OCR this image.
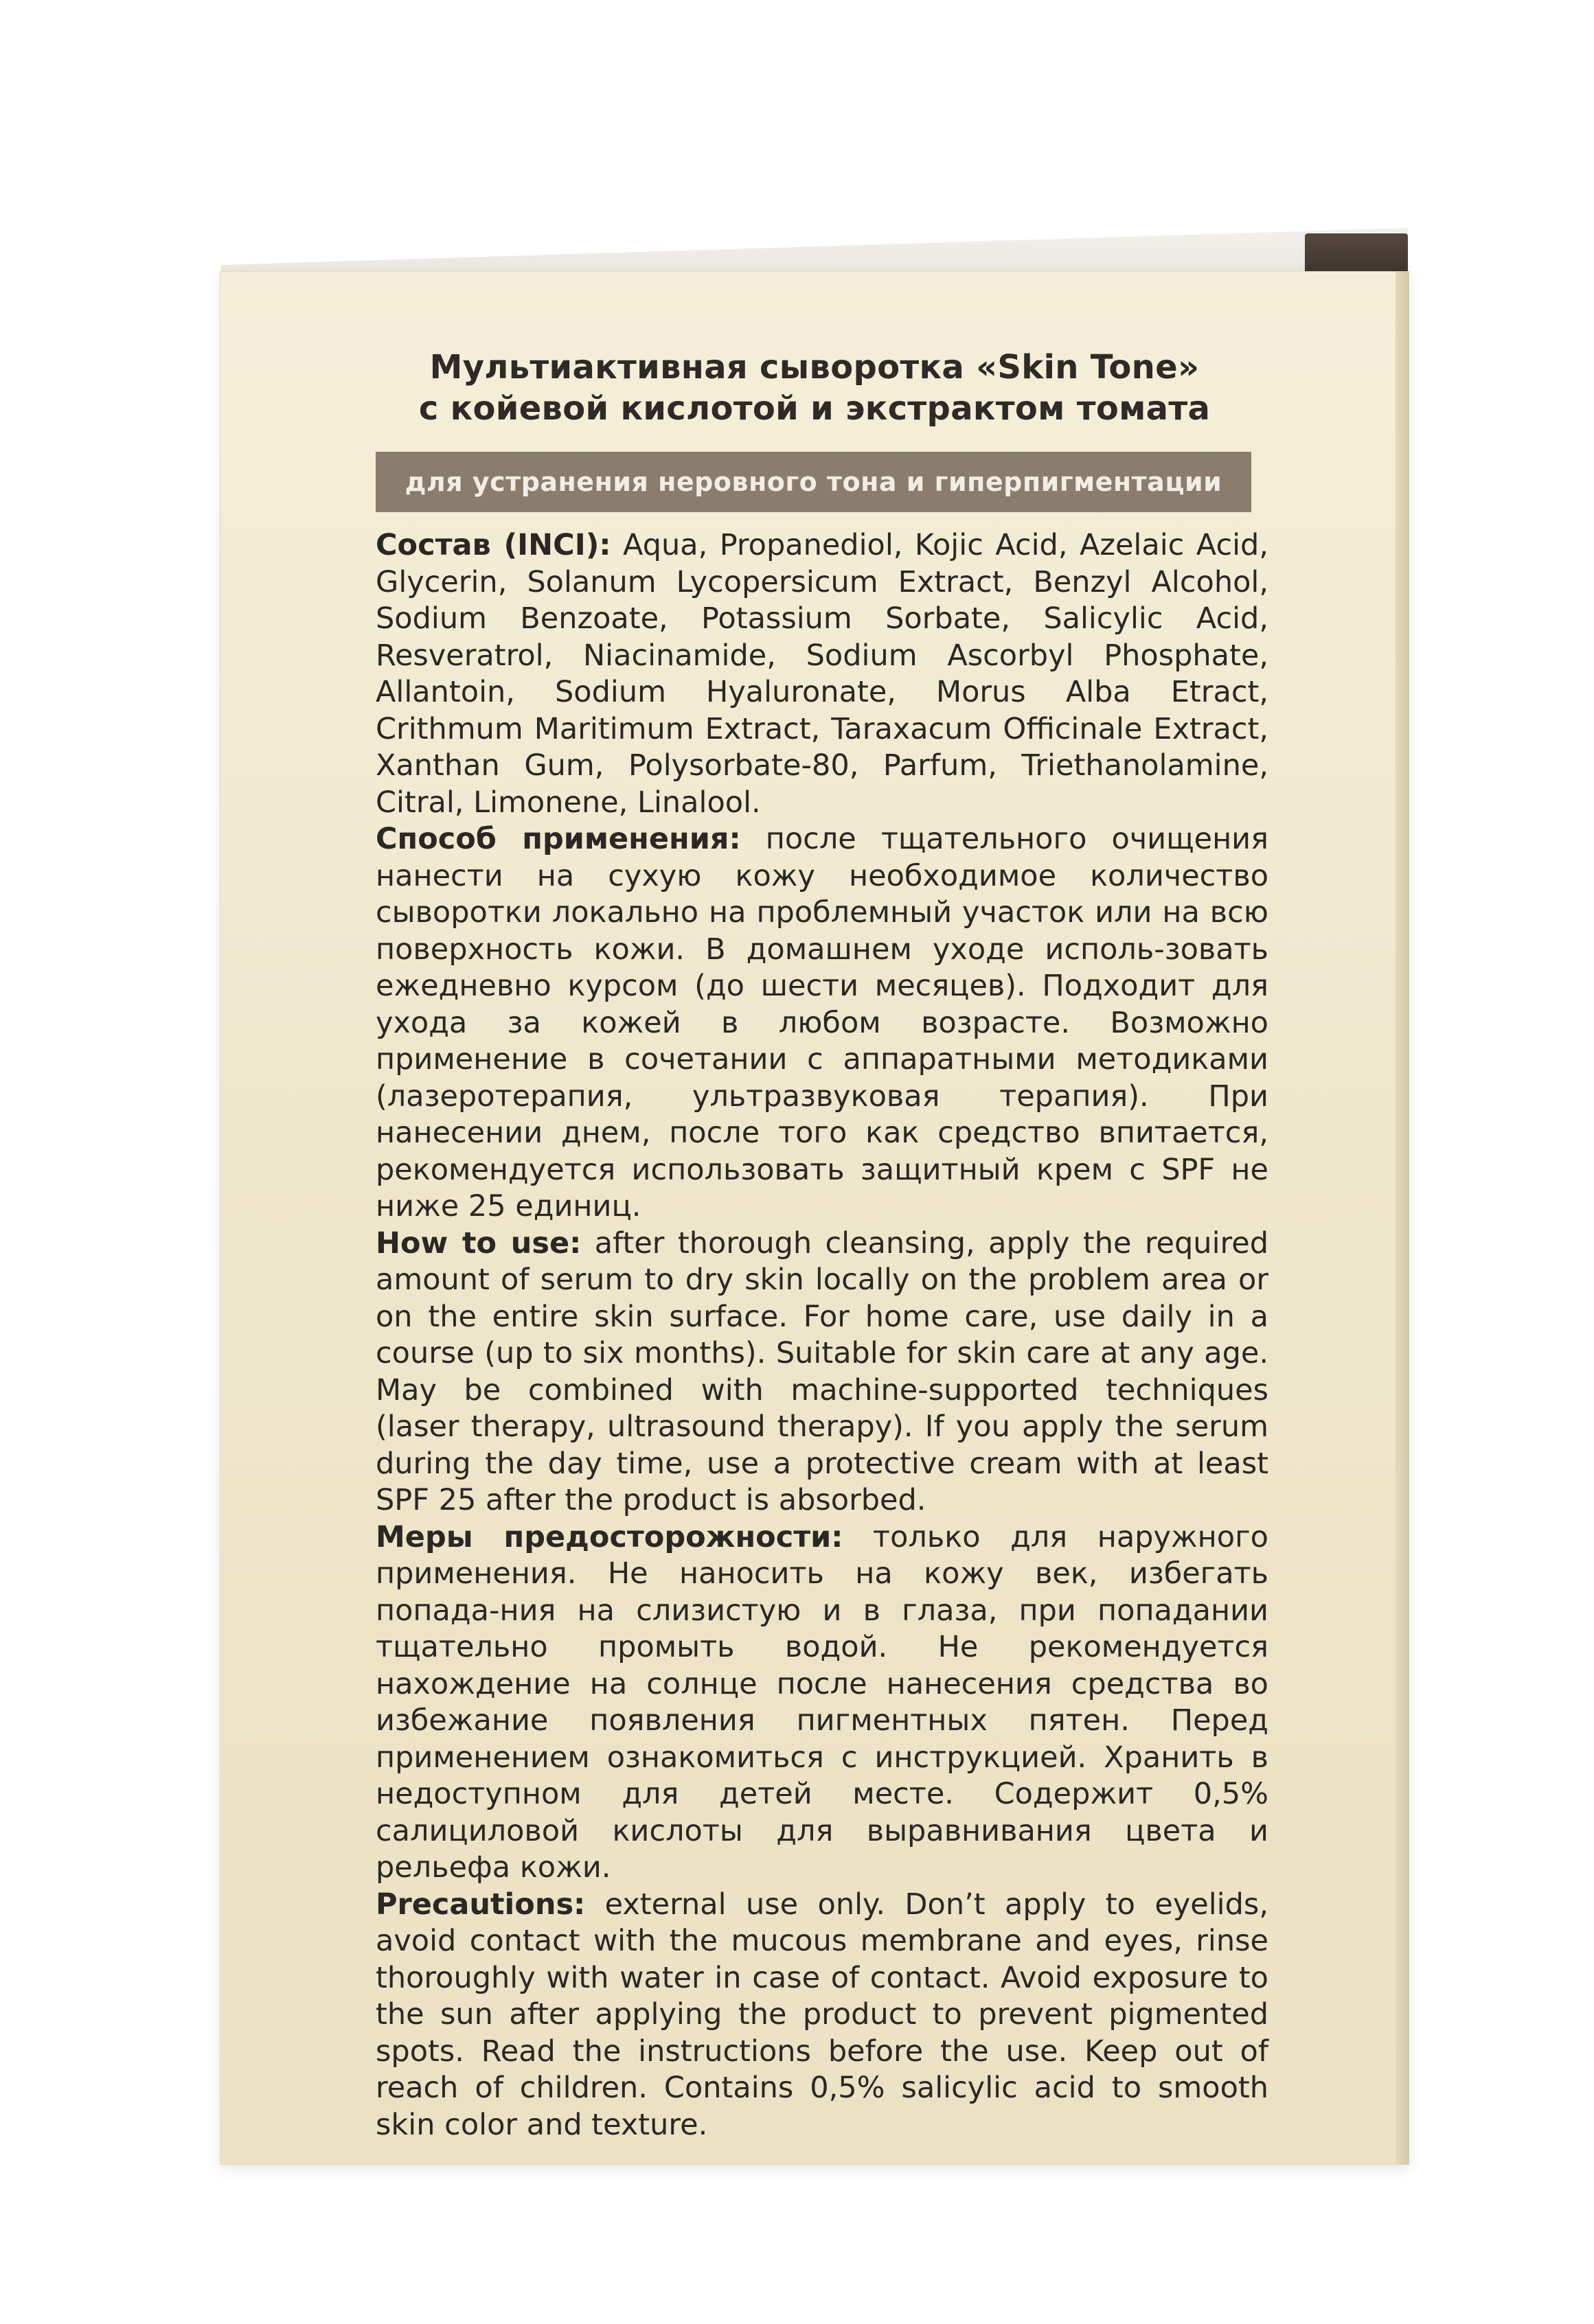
Мультиактивная сыворотка «Skin Tone»
с койевой кислотой и экстрактом томата
для устранения неровного тона и гиперпигментации

Состав (INCI): Aqua, Propanediol, Kojic Acid, Azelaic Acid, Glycerin, Solanum Lycopersicum Extract, Benzyl Alcohol, Sodium Benzoate, Potassium Sorbate, Salicylic Acid, Resveratrol, Niacinamide, Sodium Ascorbyl Phosphate, Allantoin, Sodium Hyaluronate, Morus Alba Etract, Crithmum Maritimum Extract, Taraxacum Officinale Extract, Xanthan Gum, Polysorbate-80, Parfum, Triethanolamine, Citral, Limonene, Linalool.

Способ применения: после тщательного очищения нанести на сухую кожу необходимое количество сыворотки локально на проблемный участок или на всю поверхность кожи. В домашнем уходе исполь-зовать ежедневно курсом (до шести месяцев). Подходит для ухода за кожей в любом возрасте. Возможно применение в сочетании с аппаратными методиками (лазеротерапия, ультразвуковая терапия). При нанесении днем, после того как средство впитается, рекомендуется использовать защитный крем с SPF не ниже 25 единиц.

How to use: after thorough cleansing, apply the required amount of serum to dry skin locally on the problem area or on the entire skin surface. For home care, use daily in a course (up to six months). Suitable for skin care at any age. May be combined with machine-supported techniques (laser therapy, ultrasound therapy). If you apply the serum during the day time, use a protective cream with at least SPF 25 after the product is absorbed.

Меры предосторожности: только для наружного применения. Не наносить на кожу век, избегать попада-ния на слизистую и в глаза, при попадании тщательно промыть водой. Не рекомендуется нахождение на солнце после нанесения средства во избежание появления пигментных пятен. Перед применением ознакомиться с инструкцией. Хранить в недоступном для детей месте. Содержит 0,5% салициловой кислоты для выравнивания цвета и рельефа кожи.

Precautions: external use only. Don’t apply to eyelids, avoid contact with the mucous membrane and eyes, rinse thoroughly with water in case of contact. Avoid exposure to the sun after applying the product to prevent pigmented spots. Read the instructions before the use. Keep out of reach of children. Contains 0,5% salicylic acid to smooth skin color and texture.
